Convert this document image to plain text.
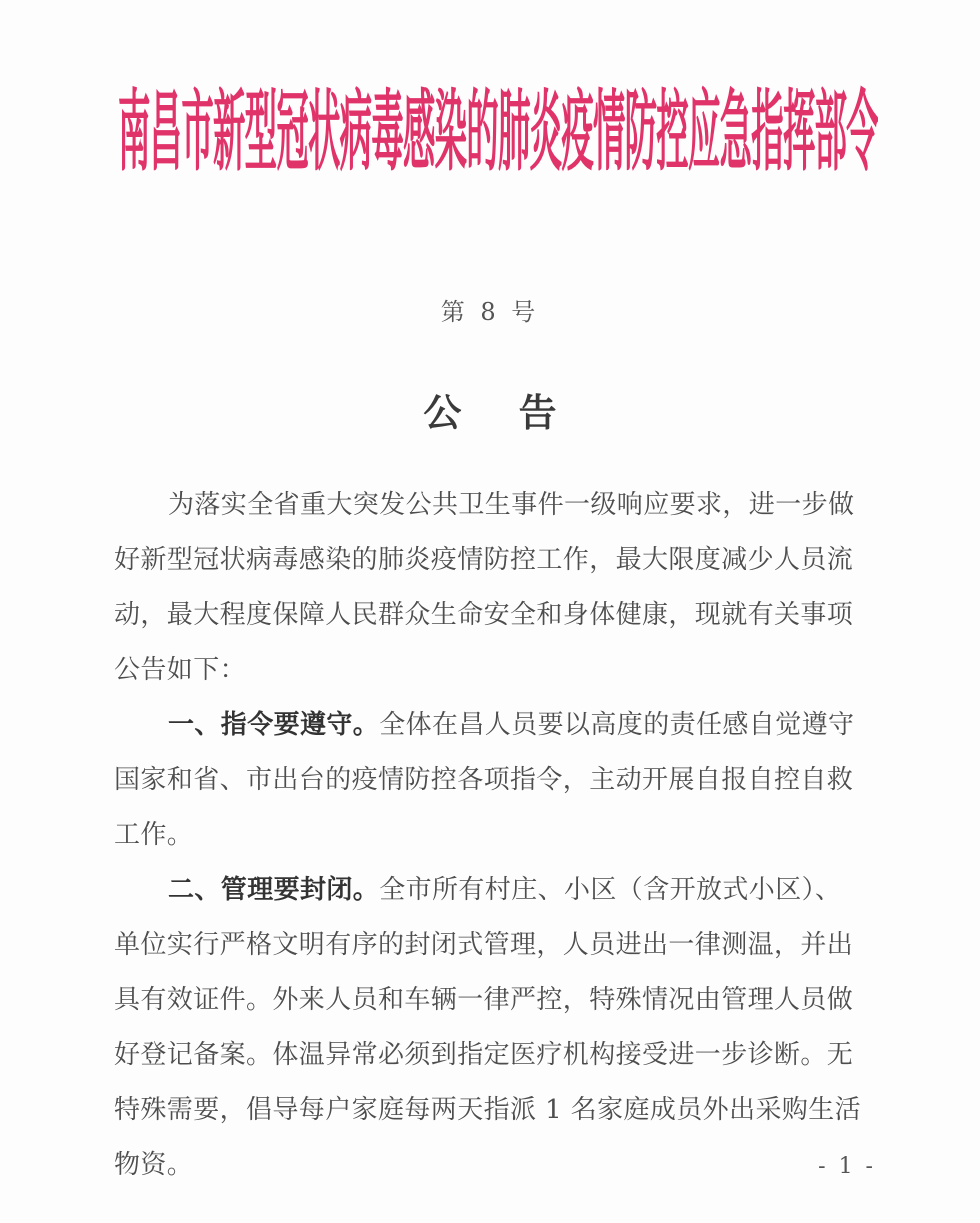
南昌市新型冠状病毒感染的肺炎疫情防控应急指挥部令
第 8 号
公 告
为落实全省重大突发公共卫生事件一级响应要求，进一步做
好新型冠状病毒感染的肺炎疫情防控工作，最大限度减少人员流
动，最大程度保障人民群众生命安全和身体健康，现就有关事项
公告如下：
一、指令要遵守。全体在昌人员要以高度的责任感自觉遵守
国家和省、市出台的疫情防控各项指令，主动开展自报自控自救
工作。
二、管理要封闭。全市所有村庄、小区（含开放式小区）、
单位实行严格文明有序的封闭式管理，人员进出一律测温，并出
具有效证件。外来人员和车辆一律严控，特殊情况由管理人员做
好登记备案。体温异常必须到指定医疗机构接受进一步诊断。无
特殊需要，倡导每户家庭每两天指派 1 名家庭成员外出采购生活
物资。	- 1 -
